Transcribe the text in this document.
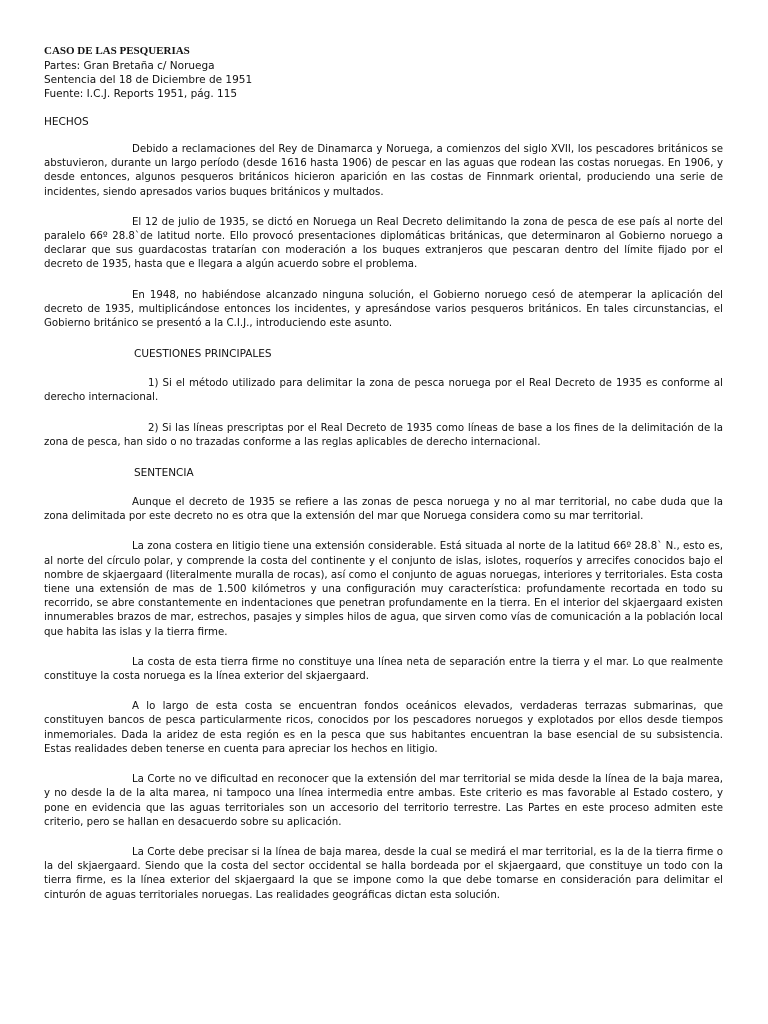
CASO DE LAS PESQUERIAS

Partes: Gran Bretaña c/ Noruega

Sentencia del 18 de Diciembre de 1951

Fuente: I.C.J. Reports 1951, pág. 115

HECHOS

Debido a reclamaciones del Rey de Dinamarca y Noruega, a comienzos del siglo XVII, los pescadores británicos se abstuvieron, durante un largo período (desde 1616 hasta 1906) de pescar en las aguas que rodean las costas noruegas. En 1906, y desde entonces, algunos pesqueros británicos hicieron aparición en las costas de Finnmark oriental, produciendo una serie de incidentes, siendo apresados varios buques británicos y multados.

El 12 de julio de 1935, se dictó en Noruega un Real Decreto delimitando la zona de pesca de ese país al norte del paralelo 66º 28.8`de latitud norte. Ello provocó presentaciones diplomáticas británicas, que determinaron al Gobierno noruego a declarar que sus guardacostas tratarían con moderación a los buques extranjeros que pescaran dentro del límite fijado por el decreto de 1935, hasta que e llegara a algún acuerdo sobre el problema.

En 1948, no habiéndose alcanzado ninguna solución, el Gobierno noruego cesó de atemperar la aplicación del decreto de 1935, multiplicándose entonces los incidentes, y apresándose varios pesqueros británicos. En tales circunstancias, el Gobierno británico se presentó a la C.I.J., introduciendo este asunto.

CUESTIONES PRINCIPALES

1) Si el método utilizado para delimitar la zona de pesca noruega por el Real Decreto de 1935 es conforme al derecho internacional.

2) Si las líneas prescriptas por el Real Decreto de 1935 como líneas de base a los fines de la delimitación de la zona de pesca, han sido o no trazadas conforme a las reglas aplicables de derecho internacional.

SENTENCIA

Aunque el decreto de 1935 se refiere a las zonas de pesca noruega y no al mar territorial, no cabe duda que la zona delimitada por este decreto no es otra que la extensión del mar que Noruega considera como su mar territorial.

La zona costera en litigio tiene una extensión considerable. Está situada al norte de la latitud 66º 28.8` N., esto es, al norte del círculo polar, y comprende la costa del continente y el conjunto de islas, islotes, roqueríos y arrecifes conocidos bajo el nombre de skjaergaard (literalmente muralla de rocas), así como el conjunto de aguas noruegas, interiores y territoriales. Esta costa tiene una extensión de mas de 1.500 kilómetros y una configuración muy característica: profundamente recortada en todo su recorrido, se abre constantemente en indentaciones que penetran profundamente en la tierra. En el interior del skjaergaard existen innumerables brazos de mar, estrechos, pasajes y simples hilos de agua, que sirven como vías de comunicación a la población local que habita las islas y la tierra firme.

La costa de esta tierra firme no constituye una línea neta de separación entre la tierra y el mar. Lo que realmente constituye la costa noruega es la línea exterior del skjaergaard.

A lo largo de esta costa se encuentran fondos oceánicos elevados, verdaderas terrazas submarinas, que constituyen bancos de pesca particularmente ricos, conocidos por los pescadores noruegos y explotados por ellos desde tiempos inmemoriales. Dada la aridez de esta región es en la pesca que sus habitantes encuentran la base esencial de su subsistencia. Estas realidades deben tenerse en cuenta para apreciar los hechos en litigio.

La Corte no ve dificultad en reconocer que la extensión del mar territorial se mida desde la línea de la baja marea, y no desde la de la alta marea, ni tampoco una línea intermedia entre ambas. Este criterio es mas favorable al Estado costero, y pone en evidencia que las aguas territoriales son un accesorio del territorio terrestre. Las Partes en este proceso admiten este criterio, pero se hallan en desacuerdo sobre su aplicación.

La Corte debe precisar si la línea de baja marea, desde la cual se medirá el mar territorial, es la de la tierra firme o la del skjaergaard. Siendo que la costa del sector occidental se halla bordeada por el skjaergaard, que constituye un todo con la tierra firme, es la línea exterior del skjaergaard la que se impone como la que debe tomarse en consideración para delimitar el cinturón de aguas territoriales noruegas. Las realidades geográficas dictan esta solución.
